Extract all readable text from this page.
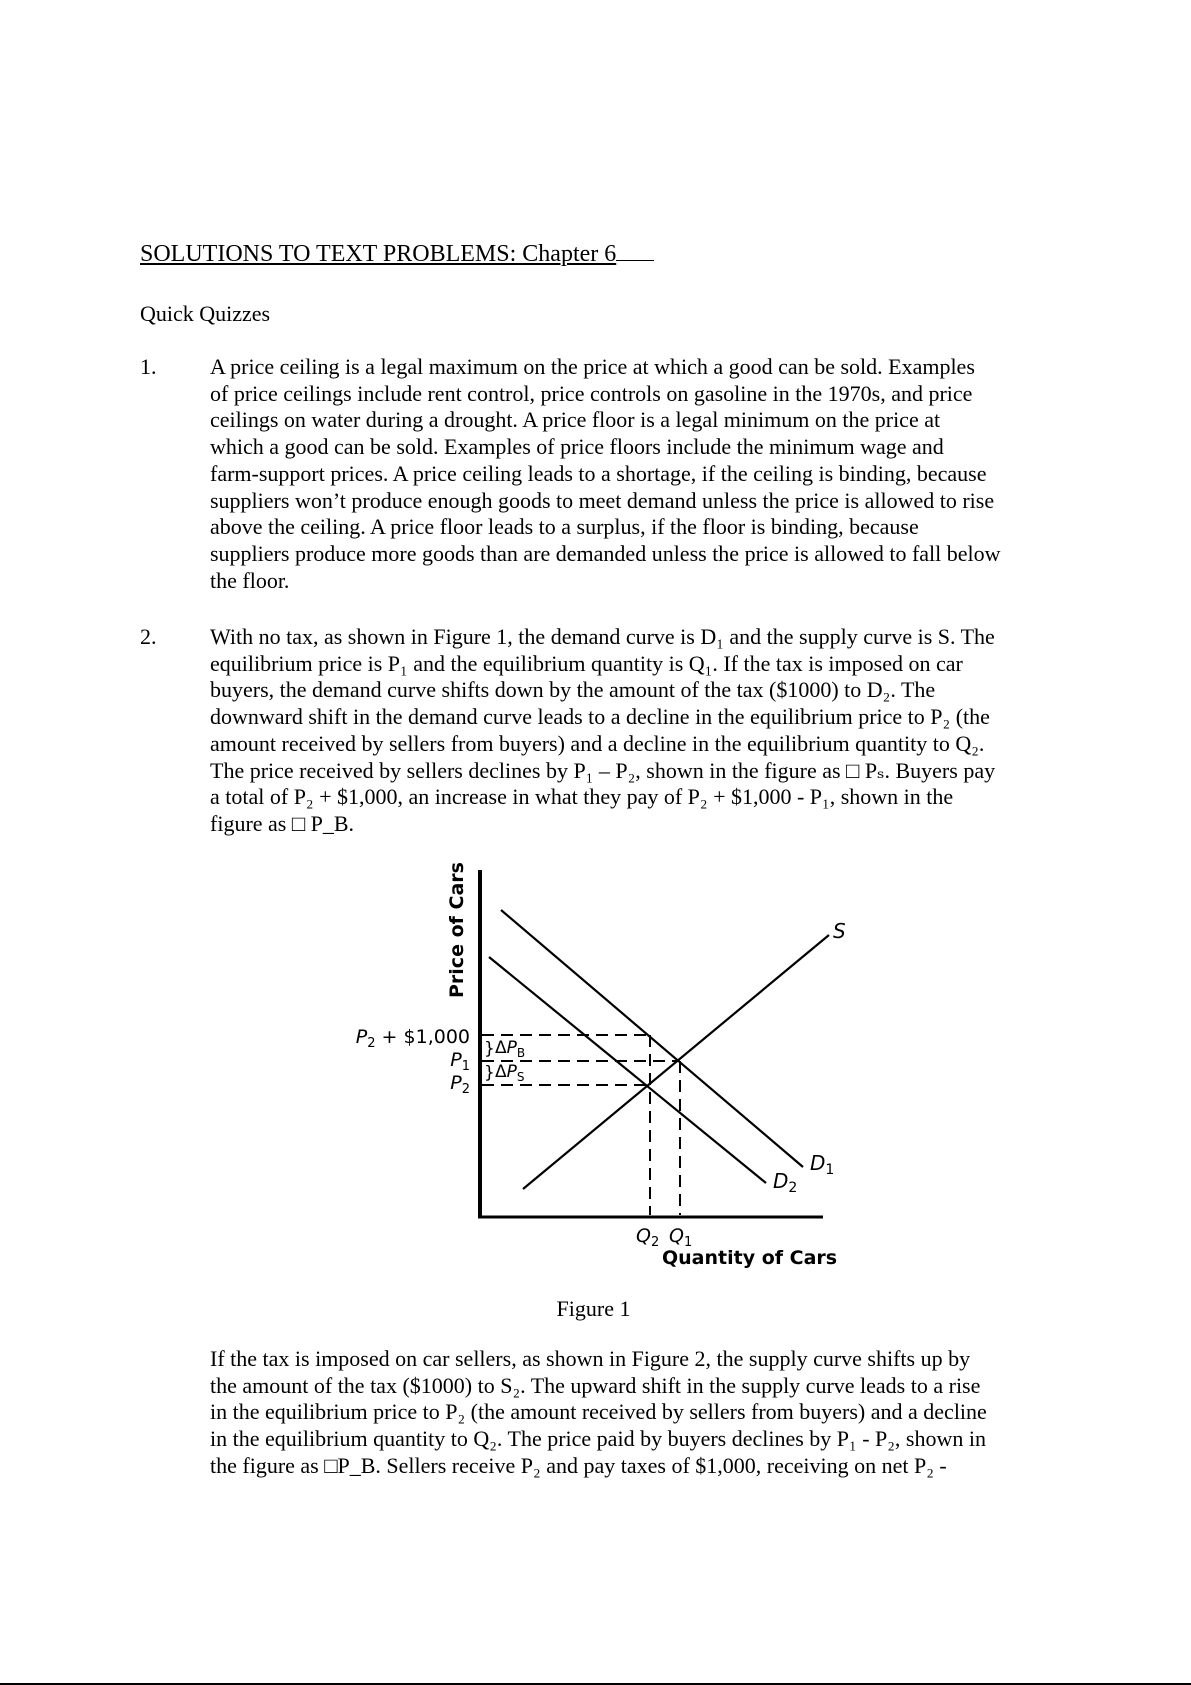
SOLUTIONS TO TEXT PROBLEMS: Chapter 6
Quick Quizzes
1. A price ceiling is a legal maximum on the price at which a good can be sold. Examples
of price ceilings include rent control, price controls on gasoline in the 1970s, and price
ceilings on water during a drought. A price floor is a legal minimum on the price at
which a good can be sold. Examples of price floors include the minimum wage and
farm-support prices. A price ceiling leads to a shortage, if the ceiling is binding, because
suppliers won’t produce enough goods to meet demand unless the price is allowed to rise
above the ceiling. A price floor leads to a surplus, if the floor is binding, because
suppliers produce more goods than are demanded unless the price is allowed to fall below
the floor.
2. With no tax, as shown in Figure 1, the demand curve is D₁ and the supply curve is S. The
equilibrium price is P₁ and the equilibrium quantity is Q₁. If the tax is imposed on car
buyers, the demand curve shifts down by the amount of the tax ($1000) to D₂. The
downward shift in the demand curve leads to a decline in the equilibrium price to P₂ (the
amount received by sellers from buyers) and a decline in the equilibrium quantity to Q₂.
The price received by sellers declines by P₁ – P₂, shown in the figure as □ Pₛ. Buyers pay
a total of P₂ + $1,000, an increase in what they pay of P₂ + $1,000 - P₁, shown in the
figure as □ P_B.
S
$D_1$
$D_2$
Price of Cars
$P_2$ + $1,000
$P_1$
$P_2$
} $\Delta P_B$
} $\Delta P_S$
$Q_2$ $Q_1$
Quantity of Cars
Figure 1
If the tax is imposed on car sellers, as shown in Figure 2, the supply curve shifts up by
the amount of the tax ($1000) to S₂. The upward shift in the supply curve leads to a rise
in the equilibrium price to P₂ (the amount received by sellers from buyers) and a decline
in the equilibrium quantity to Q₂. The price paid by buyers declines by P₁ - P₂, shown in
the figure as □P_B. Sellers receive P₂ and pay taxes of $1,000, receiving on net P₂ -
